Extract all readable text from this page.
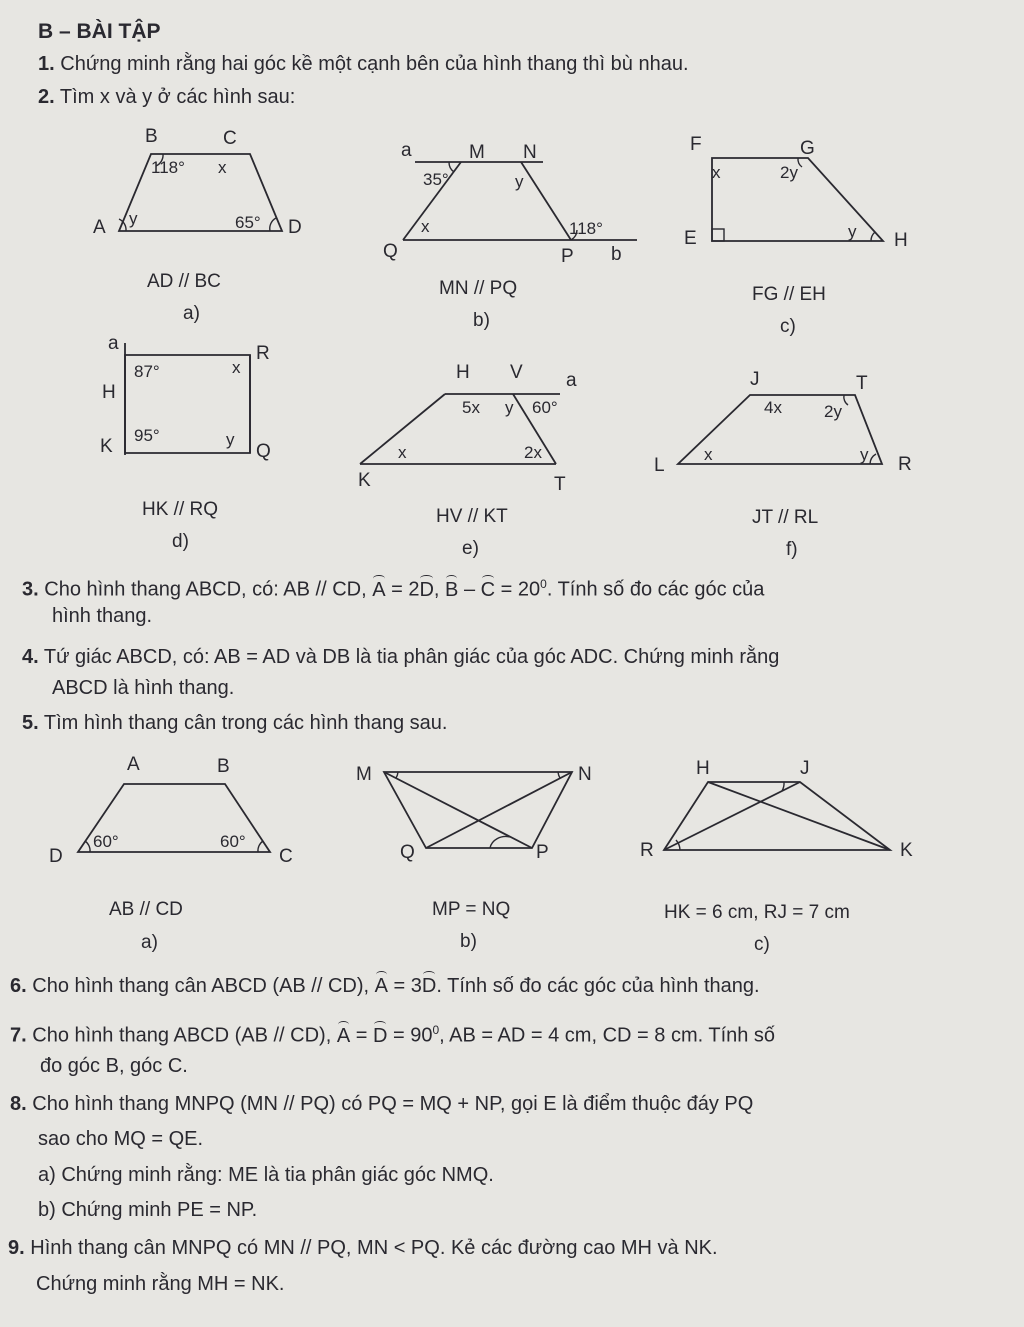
B – BÀI TẬP
1. Chứng minh rằng hai góc kề một cạnh bên của hình thang thì bù nhau.
2. Tìm x và y ở các hình sau:
B	C
A	D
118° x
y	65°
AD // BC
a)
a	M N
Q	P b
35°	y
x	118°
MN // PQ
b)
F	G
E	H
x	2y
y
FG // EH
c)
a
H
K
R
Q
87°	x
95°	y
HK // RQ
d)
H V a
K	T
5x y 60°
x	2x
HV // KT
e)
J	T
L	R
4x 2y
x	y
JT // RL
f)
3. Cho hình thang ABCD, có: AB // CD, A = 2D, $B - C = 20^0$. Tính số đo các góc của
hình thang.
4. Tứ giác ABCD, có: AB = AD và DB là tia phân giác của góc ADC. Chứng minh rằng
ABCD là hình thang.
5. Tìm hình thang cân trong các hình thang sau.
A	B
C
D
60°	60°
AB // CD
a)
M	N
P
Q
MP = NQ
b)
H	J
K
R
HK = 6 cm, RJ = 7 cm
c)
6. Cho hình thang cân ABCD (AB // CD), A = 3D. Tính số đo các góc của hình thang.
7. Cho hình thang ABCD (AB // CD), $A = D = 90^0$, AB = AD = 4 cm, CD = 8 cm. Tính số
đo góc B, góc C.
8. Cho hình thang MNPQ (MN // PQ) có PQ = MQ + NP, gọi E là điểm thuộc đáy PQ
sao cho MQ = QE.
a) Chứng minh rằng: ME là tia phân giác góc NMQ.
b) Chứng minh PE = NP.
9. Hình thang cân MNPQ có MN // PQ, MN < PQ. Kẻ các đường cao MH và NK.
Chứng minh rằng MH = NK.
